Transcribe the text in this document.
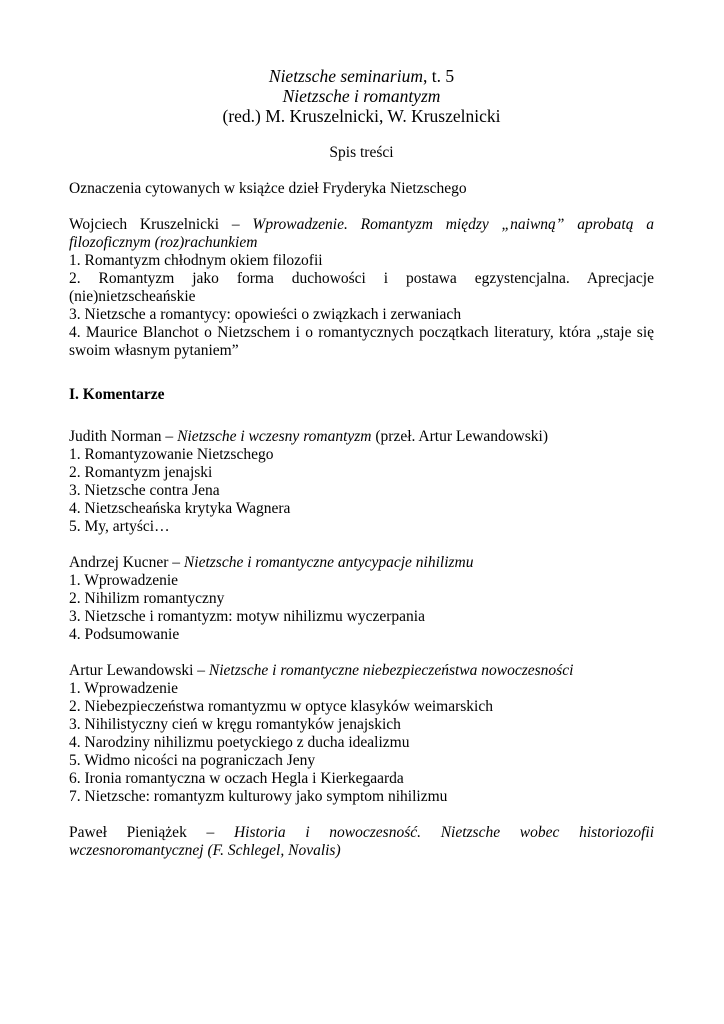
Nietzsche seminarium, t. 5
Nietzsche i romantyzm
(red.) M. Kruszelnicki, W. Kruszelnicki
Spis treści

Oznaczenia cytowanych w książce dzieł Fryderyka Nietzschego

Wojciech Kruszelnicki – Wprowadzenie. Romantyzm między „naiwną” aprobatą a filozoficznym (roz)rachunkiem

1. Romantyzm chłodnym okiem filozofii
2. Romantyzm jako forma duchowości i postawa egzystencjalna. Aprecjacje (nie)nietzscheańskie
3. Nietzsche a romantycy: opowieści o związkach i zerwaniach
4. Maurice Blanchot o Nietzschem i o romantycznych początkach literatury, która „staje się swoim własnym pytaniem”
I. Komentarze

Judith Norman – Nietzsche i wczesny romantyzm (przeł. Artur Lewandowski)

1. Romantyzowanie Nietzschego
2. Romantyzm jenajski
3. Nietzsche contra Jena
4. Nietzscheańska krytyka Wagnera
5. My, artyści…

Andrzej Kucner – Nietzsche i romantyczne antycypacje nihilizmu

1. Wprowadzenie
2. Nihilizm romantyczny
3. Nietzsche i romantyzm: motyw nihilizmu wyczerpania
4. Podsumowanie

Artur Lewandowski – Nietzsche i romantyczne niebezpieczeństwa nowoczesności

1. Wprowadzenie
2. Niebezpieczeństwa romantyzmu w optyce klasyków weimarskich
3. Nihilistyczny cień w kręgu romantyków jenajskich
4. Narodziny nihilizmu poetyckiego z ducha idealizmu
5. Widmo nicości na pograniczach Jeny
6. Ironia romantyczna w oczach Hegla i Kierkegaarda
7. Nietzsche: romantyzm kulturowy jako symptom nihilizmu

Paweł Pieniążek – Historia i nowoczesność. Nietzsche wobec historiozofii wczesnoromantycznej (F. Schlegel, Novalis)
